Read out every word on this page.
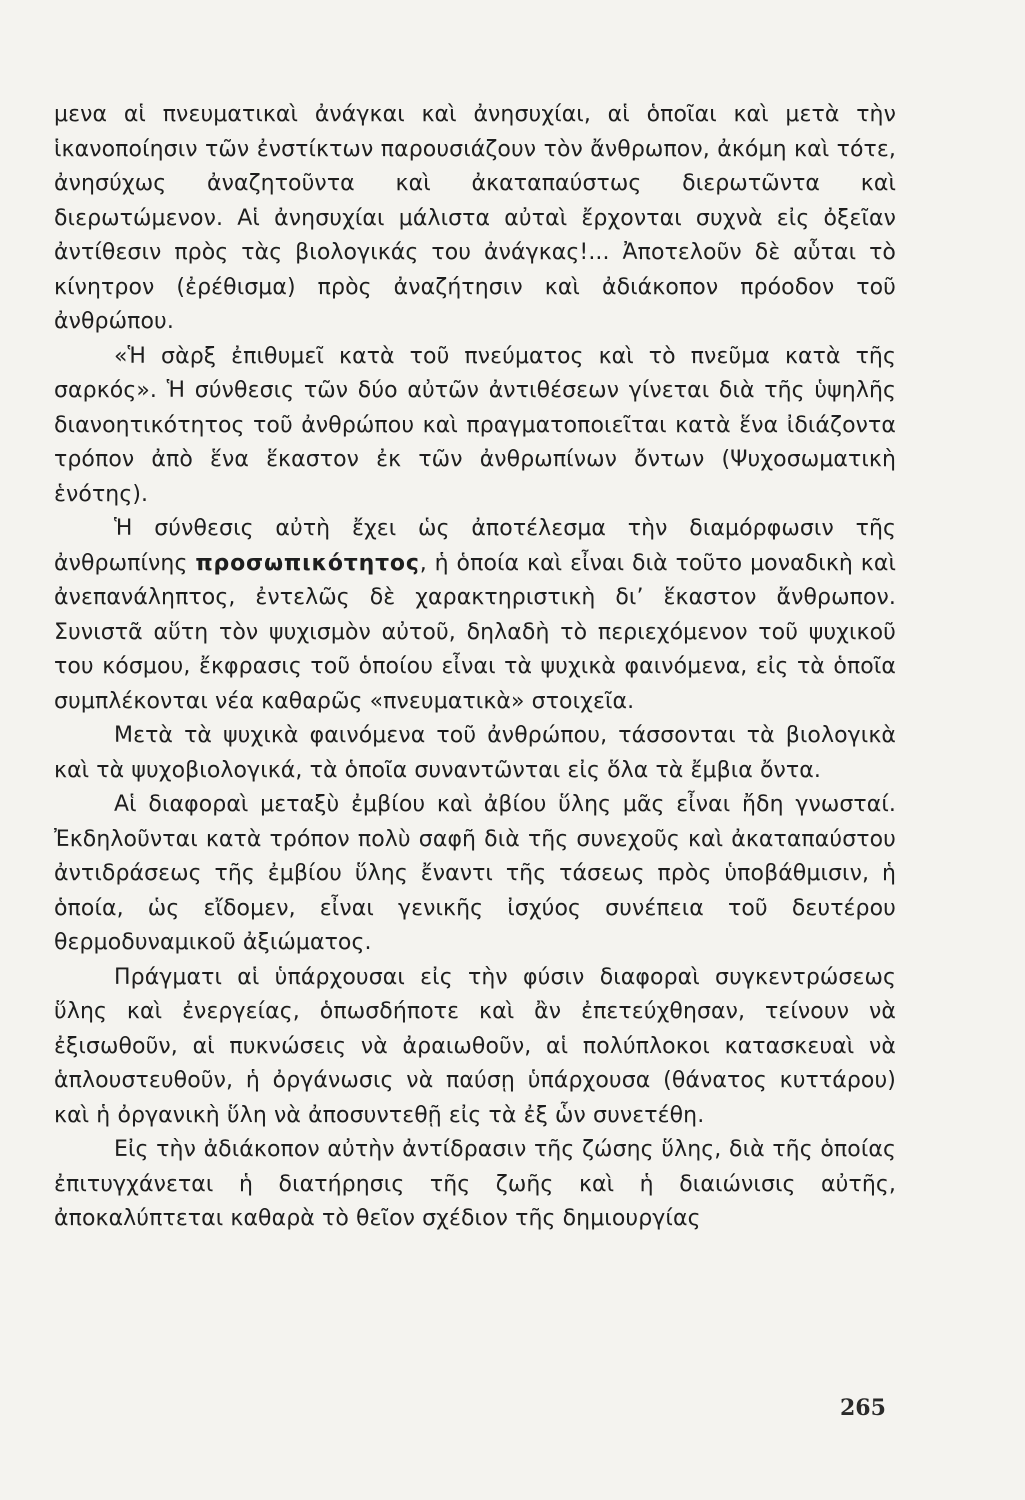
μενα αἱ πνευματικαὶ ἀνάγκαι καὶ ἀνησυχίαι, αἱ ὁποῖαι καὶ μετὰ τὴν ἱκανοποίησιν τῶν ἐνστίκτων παρουσιάζουν τὸν ἄνθρωπον, ἀκόμη καὶ τότε, ἀνησύχως ἀναζητοῦντα καὶ ἀκαταπαύστως διερωτῶντα καὶ διερωτώμενον. Αἱ ἀνησυχίαι μάλιστα αὐταὶ ἔρχονται συχνὰ εἰς ὀξεῖαν ἀντίθεσιν πρὸς τὰς βιολογικάς του ἀνάγκας!... Ἀποτελοῦν δὲ αὗται τὸ κίνητρον (ἐρέθισμα) πρὸς ἀναζήτησιν καὶ ἀδιάκοπον πρόοδον τοῦ ἀνθρώπου.

«Ἡ σὰρξ ἐπιθυμεῖ κατὰ τοῦ πνεύματος καὶ τὸ πνεῦμα κατὰ τῆς σαρκός». Ἡ σύνθεσις τῶν δύο αὐτῶν ἀντιθέσεων γίνεται διὰ τῆς ὑψηλῆς διανοητικότητος τοῦ ἀνθρώπου καὶ πραγματοποιεῖται κατὰ ἕνα ἰδιάζοντα τρόπον ἀπὸ ἕνα ἕκαστον ἐκ τῶν ἀνθρωπίνων ὄντων (Ψυχοσωματικὴ ἑνότης).

Ἡ σύνθεσις αὐτὴ ἔχει ὡς ἀποτέλεσμα τὴν διαμόρφωσιν τῆς ἀνθρωπίνης προσωπικότητος, ἡ ὁποία καὶ εἶναι διὰ τοῦτο μοναδικὴ καὶ ἀνεπανάληπτος, ἐντελῶς δὲ χαρακτηριστικὴ δι’ ἕκαστον ἄνθρωπον. Συνιστᾶ αὕτη τὸν ψυχισμὸν αὐτοῦ, δηλαδὴ τὸ περιεχόμενον τοῦ ψυχικοῦ του κόσμου, ἔκφρασις τοῦ ὁποίου εἶναι τὰ ψυχικὰ φαινόμενα, εἰς τὰ ὁποῖα συμπλέκονται νέα καθαρῶς «πνευματικὰ» στοιχεῖα.

Μετὰ τὰ ψυχικὰ φαινόμενα τοῦ ἀνθρώπου, τάσσονται τὰ βιολογικὰ καὶ τὰ ψυχοβιολογικά, τὰ ὁποῖα συναντῶνται εἰς ὅλα τὰ ἔμβια ὄντα.

Αἱ διαφοραὶ μεταξὺ ἐμβίου καὶ ἀβίου ὕλης μᾶς εἶναι ἤδη γνωσταί. Ἐκδηλοῦνται κατὰ τρόπον πολὺ σαφῆ διὰ τῆς συνεχοῦς καὶ ἀκαταπαύστου ἀντιδράσεως τῆς ἐμβίου ὕλης ἔναντι τῆς τάσεως πρὸς ὑποβάθμισιν, ἡ ὁποία, ὡς εἴδομεν, εἶναι γενικῆς ἰσχύος συνέπεια τοῦ δευτέρου θερμοδυναμικοῦ ἀξιώματος.

Πράγματι αἱ ὑπάρχουσαι εἰς τὴν φύσιν διαφοραὶ συγκεντρώσεως ὕλης καὶ ἐνεργείας, ὁπωσδήποτε καὶ ἂν ἐπετεύχθησαν, τείνουν νὰ ἐξισωθοῦν, αἱ πυκνώσεις νὰ ἀραιωθοῦν, αἱ πολύπλοκοι κατασκευαὶ νὰ ἁπλουστευθοῦν, ἡ ὀργάνωσις νὰ παύσῃ ὑπάρχουσα (θάνατος κυττάρου) καὶ ἡ ὀργανικὴ ὕλη νὰ ἀποσυντεθῇ εἰς τὰ ἐξ ὧν συνετέθη.

Εἰς τὴν ἀδιάκοπον αὐτὴν ἀντίδρασιν τῆς ζώσης ὕλης, διὰ τῆς ὁποίας ἐπιτυγχάνεται ἡ διατήρησις τῆς ζωῆς καὶ ἡ διαιώνισις αὐτῆς, ἀποκαλύπτεται καθαρὰ τὸ θεῖον σχέδιον τῆς δημιουργίας

265
